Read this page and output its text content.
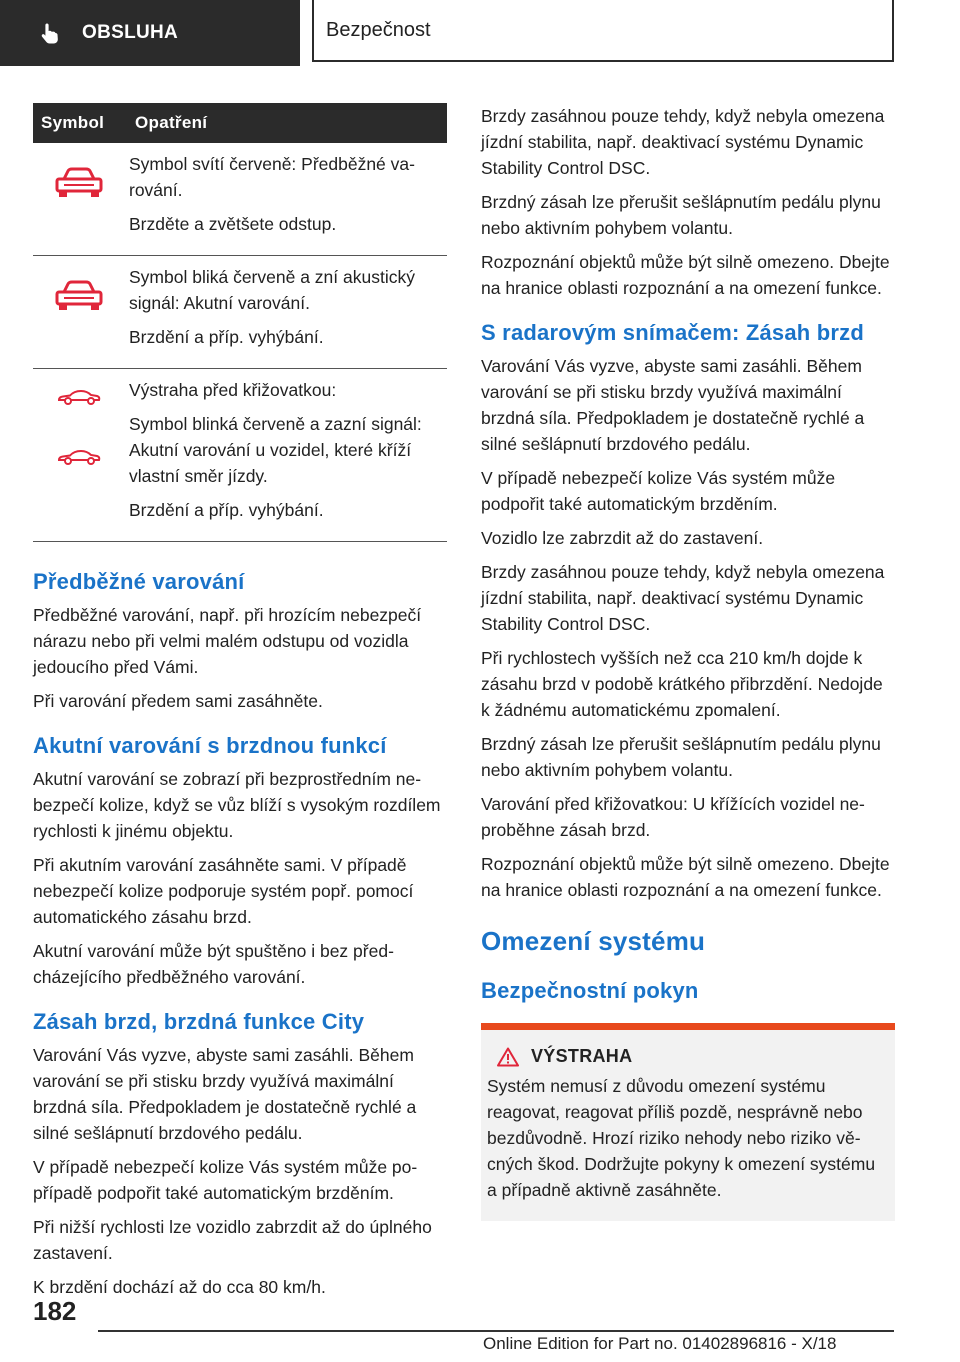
OBSLUHA	Bezpečnost
Symbol	Opatření

Symbol svítí červeně: Předběžné varování.

Brzděte a zvětšete odstup.

Symbol bliká červeně a zní akustický signál: Akutní varování.

Brzdění a příp. vyhýbání.

Výstraha před křižovatkou:

Symbol blinká červeně a zazní signál: Akutní varování u vozidel, které kříží vlastní směr jízdy.

Brzdění a příp. vyhýbání.

Předběžné varování

Předběžné varování, např. při hrozícím nebezpečí nárazu nebo při velmi malém odstupu od vozidla jedoucího před Vámi.

Při varování předem sami zasáhněte.

Akutní varování s brzdnou funkcí

Akutní varování se zobrazí při bezprostředním nebezpečí kolize, když se vůz blíží s vysokým rozdílem rychlosti k jinému objektu.

Při akutním varování zasáhněte sami. V případě nebezpečí kolize podporuje systém popř. pomocí automatického zásahu brzd.

Akutní varování může být spuštěno i bez předcházejícího předběžného varování.

Zásah brzd, brzdná funkce City

Varování Vás vyzve, abyste sami zasáhli. Během varování se při stisku brzdy využívá maximální brzdná síla. Předpokladem je dostatečně rychlé a silné sešlápnutí brzdového pedálu.

V případě nebezpečí kolize Vás systém může popřípadě podpořit také automatickým brzděním.

Při nižší rychlosti lze vozidlo zabrzdit až do úplného zastavení.

K brzdění dochází až do cca 80 km/h.

Brzdy zasáhnou pouze tehdy, když nebyla omezena jízdní stabilita, např. deaktivací systému Dynamic Stability Control DSC.

Brzdný zásah lze přerušit sešlápnutím pedálu plynu nebo aktivním pohybem volantu.

Rozpoznání objektů může být silně omezeno. Dbejte na hranice oblasti rozpoznání a na omezení funkce.

S radarovým snímačem: Zásah brzd

Varování Vás vyzve, abyste sami zasáhli. Během varování se při stisku brzdy využívá maximální brzdná síla. Předpokladem je dostatečně rychlé a silné sešlápnutí brzdového pedálu.

V případě nebezpečí kolize Vás systém může podpořit také automatickým brzděním.

Vozidlo lze zabrzdit až do zastavení.

Brzdy zasáhnou pouze tehdy, když nebyla omezena jízdní stabilita, např. deaktivací systému Dynamic Stability Control DSC.

Při rychlostech vyšších než cca 210 km/h dojde k zásahu brzd v podobě krátkého přibrzdění. Nedojde k žádnému automatickému zpomalení.

Brzdný zásah lze přerušit sešlápnutím pedálu plynu nebo aktivním pohybem volantu.

Varování před křižovatkou: U křížících vozidel neproběhne zásah brzd.

Rozpoznání objektů může být silně omezeno. Dbejte na hranice oblasti rozpoznání a na omezení funkce.

Omezení systému
Bezpečnostní pokyn
VÝSTRAHA

Systém nemusí z důvodu omezení systému reagovat, reagovat příliš pozdě, nesprávně nebo bezdůvodně. Hrozí riziko nehody nebo riziko věcných škod. Dodržujte pokyny k omezení systému a případně aktivně zasáhněte.

182
Online Edition for Part no. 01402896816 - X/18
